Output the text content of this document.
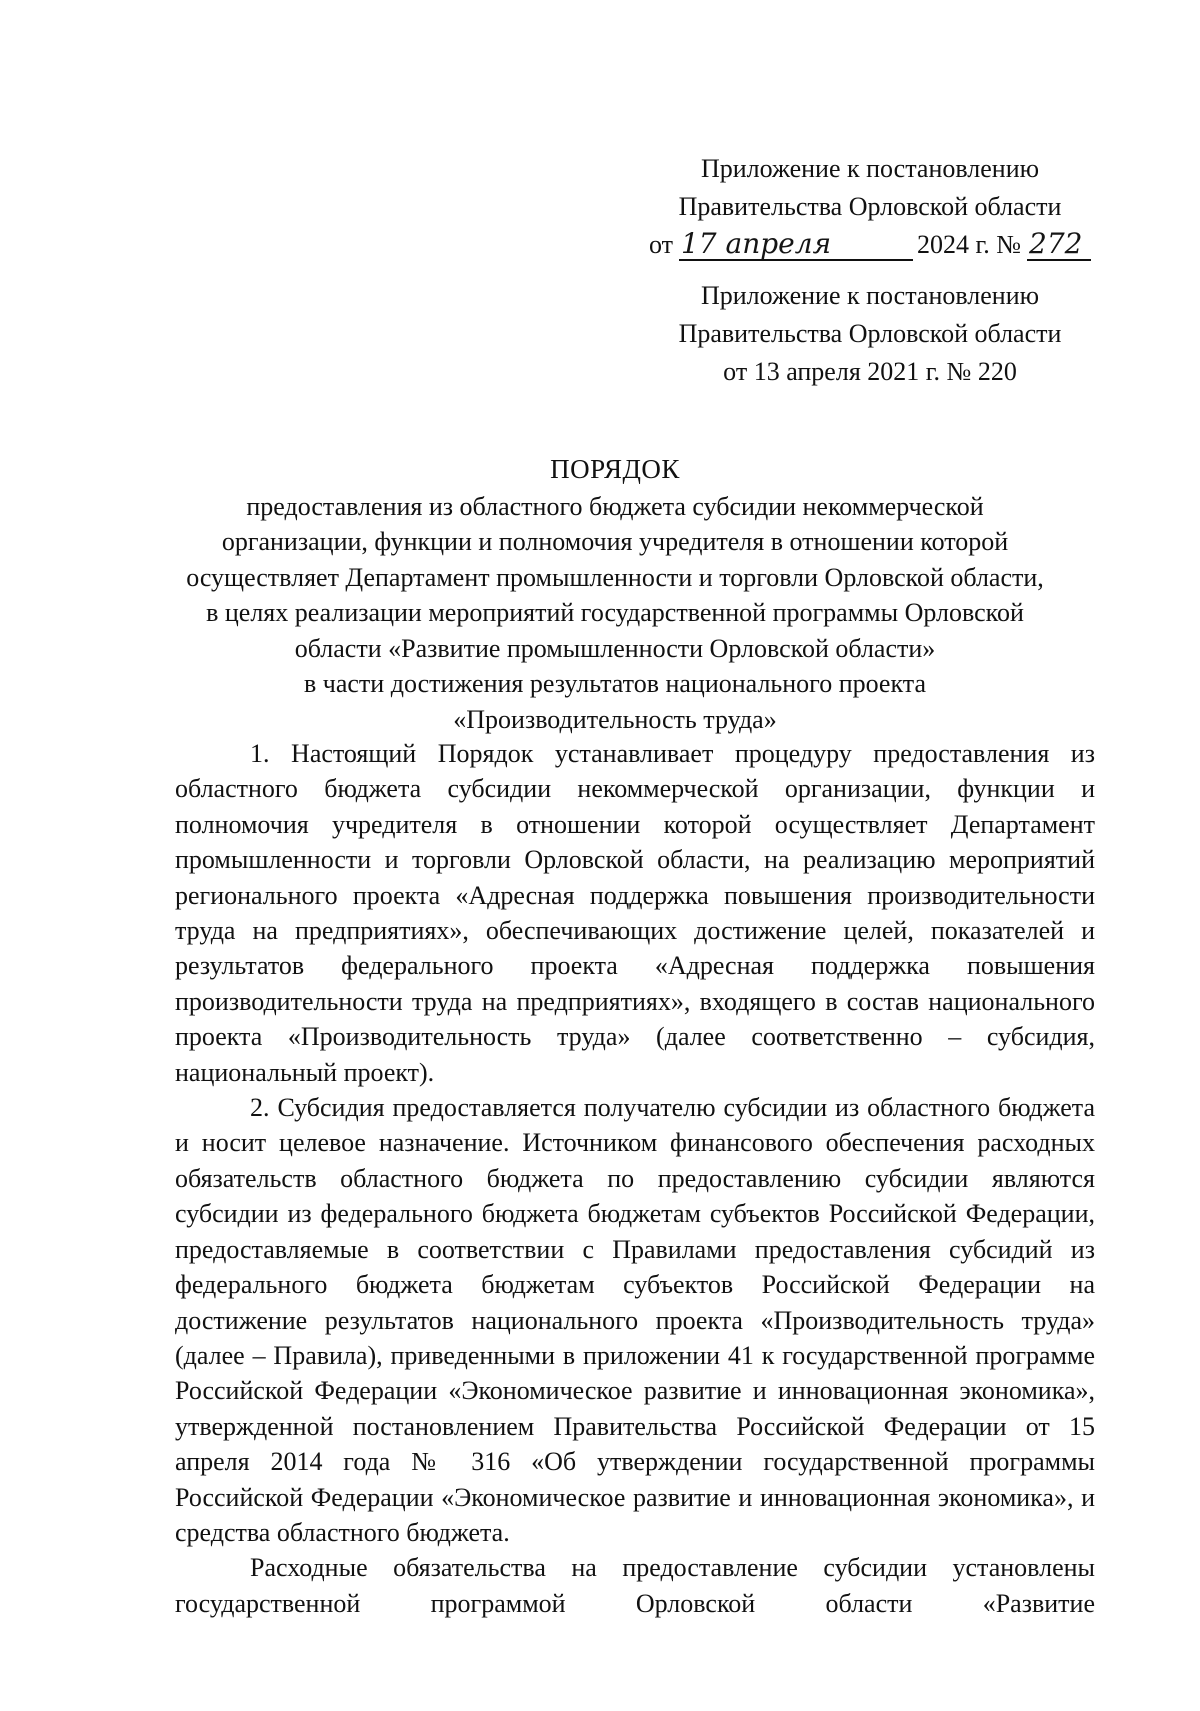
Приложение к постановлению
Правительства Орловской области
от 17 апреля	2024 г. № 272
Приложение к постановлению
Правительства Орловской области
от 13 апреля 2021 г. № 220
ПОРЯДОК
предоставления из областного бюджета субсидии некоммерческой
организации, функции и полномочия учредителя в отношении которой
осуществляет Департамент промышленности и торговли Орловской области,
в целях реализации мероприятий государственной программы Орловской
области «Развитие промышленности Орловской области»
в части достижения результатов национального проекта
«Производительность труда»

1. Настоящий Порядок устанавливает процедуру предоставления из областного бюджета субсидии некоммерческой организации, функции и полномочия учредителя в отношении которой осуществляет Департамент промышленности и торговли Орловской области, на реализацию мероприятий регионального проекта «Адресная поддержка повышения производительности труда на предприятиях», обеспечивающих достижение целей, показателей и результатов федерального проекта «Адресная поддержка повышения производительности труда на предприятиях», входящего в состав национального проекта «Производительность труда» (далее соответственно – субсидия, национальный проект).

2. Субсидия предоставляется получателю субсидии из областного бюджета и носит целевое назначение. Источником финансового обеспечения расходных обязательств областного бюджета по предоставлению субсидии являются субсидии из федерального бюджета бюджетам субъектов Российской Федерации, предоставляемые в соответствии с Правилами предоставления субсидий из федерального бюджета бюджетам субъектов Российской Федерации на достижение результатов национального проекта «Производительность труда» (далее – Правила), приведенными в приложении 41 к государственной программе Российской Федерации «Экономическое развитие и инновационная экономика», утвержденной постановлением Правительства Российской Федерации от 15 апреля 2014 года № 316 «Об утверждении государственной программы Российской Федерации «Экономическое развитие и инновационная экономика», и средства областного бюджета.

Расходные обязательства на предоставление субсидии установлены государственной программой Орловской области «Развитие
